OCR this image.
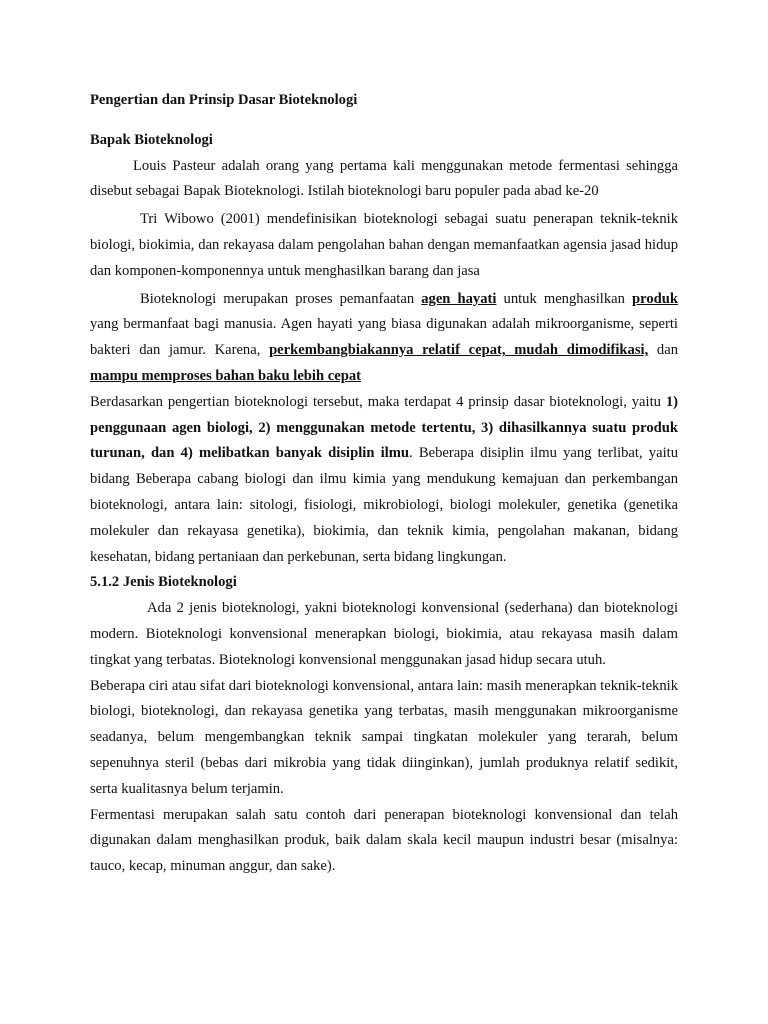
Pengertian dan Prinsip Dasar Bioteknologi
Bapak Bioteknologi

Louis Pasteur adalah orang yang pertama kali menggunakan metode fermentasi sehingga disebut sebagai Bapak Bioteknologi. Istilah bioteknologi baru populer pada abad ke-20

Tri Wibowo (2001) mendefinisikan bioteknologi sebagai suatu penerapan teknik-teknik biologi, biokimia, dan rekayasa dalam pengolahan bahan dengan memanfaatkan agensia jasad hidup dan komponen-komponennya untuk menghasilkan barang dan jasa

Bioteknologi merupakan proses pemanfaatan agen hayati untuk menghasilkan produk yang bermanfaat bagi manusia. Agen hayati yang biasa digunakan adalah mikroorganisme, seperti bakteri dan jamur. Karena, perkembangbiakannya relatif cepat, mudah dimodifikasi, dan mampu memproses bahan baku lebih cepat

Berdasarkan pengertian bioteknologi tersebut, maka terdapat 4 prinsip dasar bioteknologi, yaitu 1) penggunaan agen biologi, 2) menggunakan metode tertentu, 3) dihasilkannya suatu produk turunan, dan 4) melibatkan banyak disiplin ilmu. Beberapa disiplin ilmu yang terlibat, yaitu bidang Beberapa cabang biologi dan ilmu kimia yang mendukung kemajuan dan perkembangan bioteknologi, antara lain: sitologi, fisiologi, mikrobiologi, biologi molekuler, genetika (genetika molekuler dan rekayasa genetika), biokimia, dan teknik kimia, pengolahan makanan, bidang kesehatan, bidang pertaniaan dan perkebunan, serta bidang lingkungan.

5.1.2 Jenis Bioteknologi

Ada 2 jenis bioteknologi, yakni bioteknologi konvensional (sederhana) dan bioteknologi modern. Bioteknologi konvensional menerapkan biologi, biokimia, atau rekayasa masih dalam tingkat yang terbatas. Bioteknologi konvensional menggunakan jasad hidup secara utuh.

Beberapa ciri atau sifat dari bioteknologi konvensional, antara lain: masih menerapkan teknik-teknik biologi, bioteknologi, dan rekayasa genetika yang terbatas, masih menggunakan mikroorganisme seadanya, belum mengembangkan teknik sampai tingkatan molekuler yang terarah, belum sepenuhnya steril (bebas dari mikrobia yang tidak diinginkan), jumlah produknya relatif sedikit, serta kualitasnya belum terjamin.

Fermentasi merupakan salah satu contoh dari penerapan bioteknologi konvensional dan telah digunakan dalam menghasilkan produk, baik dalam skala kecil maupun industri besar (misalnya: tauco, kecap, minuman anggur, dan sake).
